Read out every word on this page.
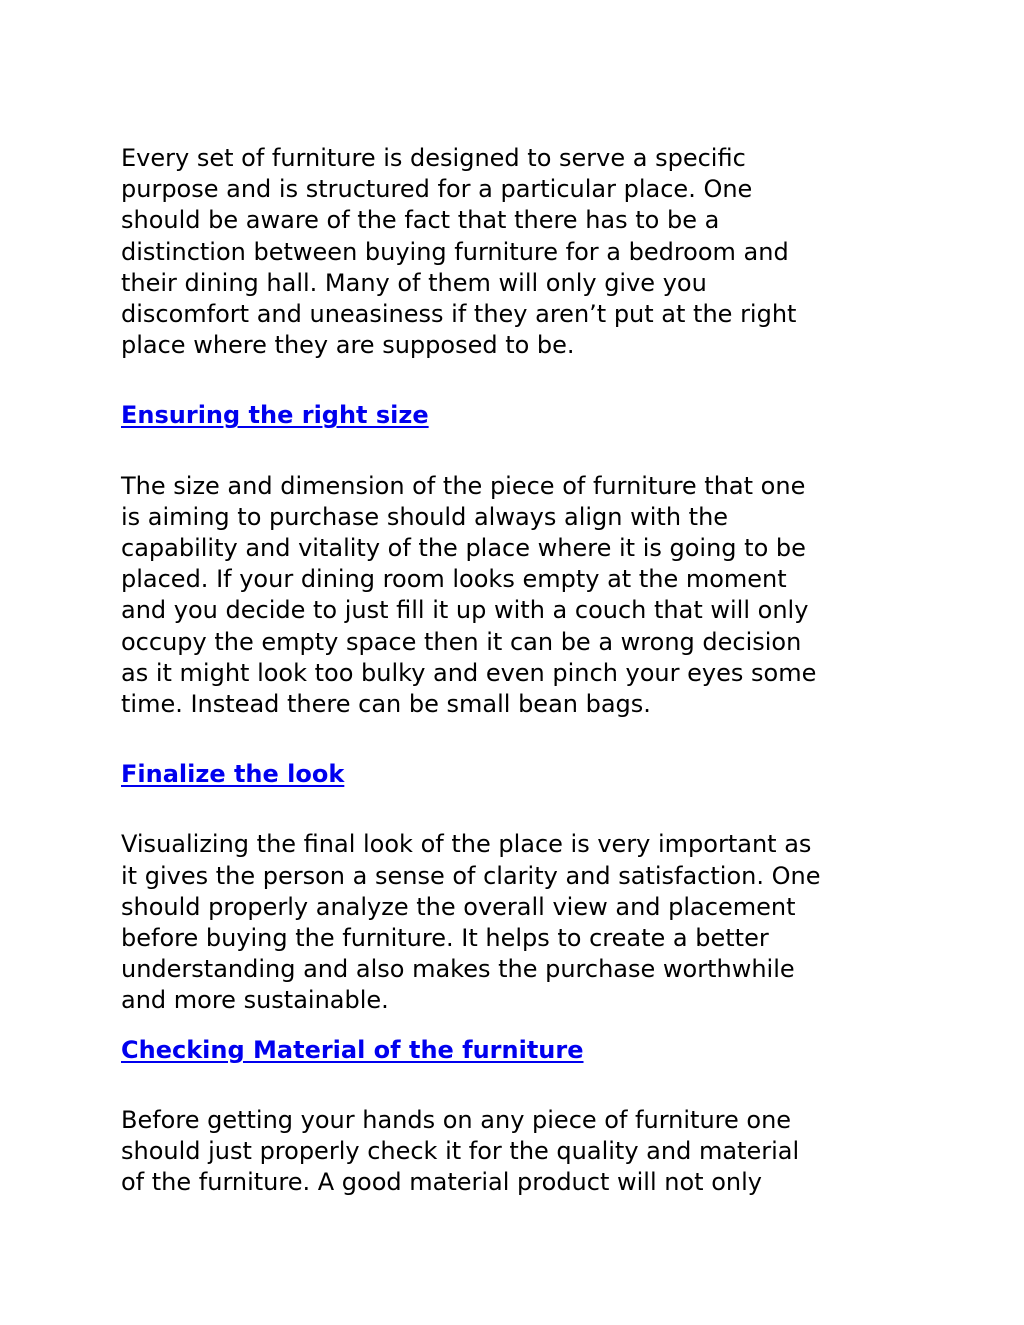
Every set of furniture is designed to serve a specific
purpose and is structured for a particular place. One
should be aware of the fact that there has to be a
distinction between buying furniture for a bedroom and
their dining hall. Many of them will only give you
discomfort and uneasiness if they aren’t put at the right
place where they are supposed to be.

Ensuring the right size

The size and dimension of the piece of furniture that one
is aiming to purchase should always align with the
capability and vitality of the place where it is going to be
placed. If your dining room looks empty at the moment
and you decide to just fill it up with a couch that will only
occupy the empty space then it can be a wrong decision
as it might look too bulky and even pinch your eyes some
time. Instead there can be small bean bags.

Finalize the look

Visualizing the final look of the place is very important as
it gives the person a sense of clarity and satisfaction. One
should properly analyze the overall view and placement
before buying the furniture. It helps to create a better
understanding and also makes the purchase worthwhile
and more sustainable.

Checking Material of the furniture

Before getting your hands on any piece of furniture one
should just properly check it for the quality and material
of the furniture. A good material product will not only
